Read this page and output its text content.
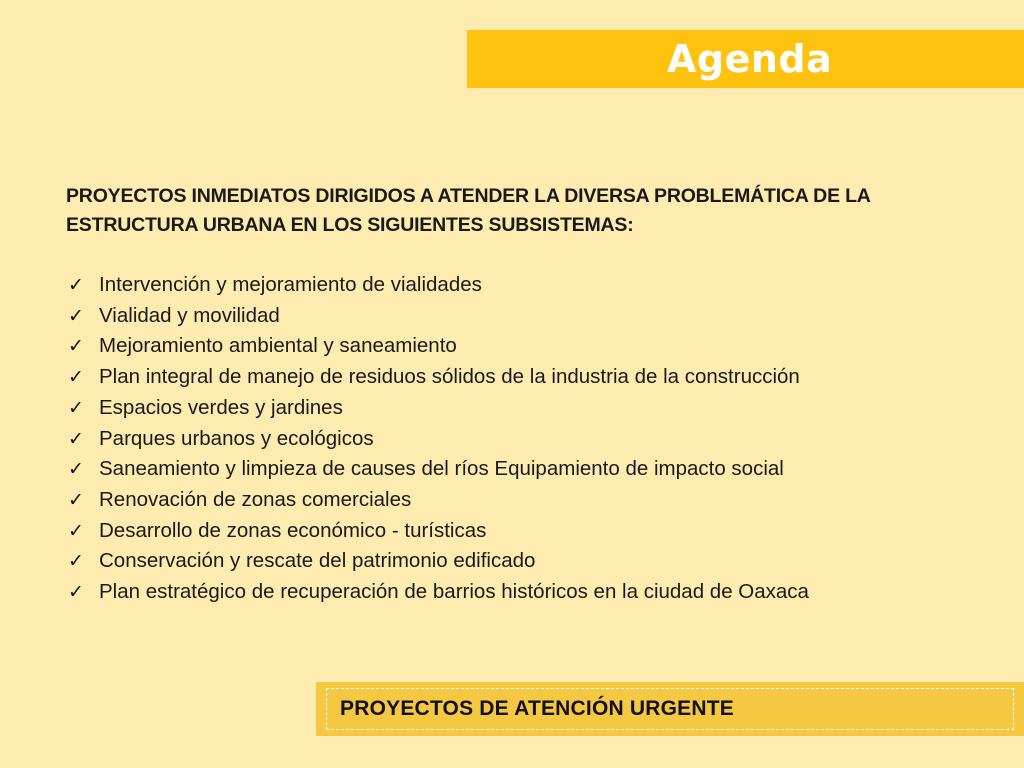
Agenda

PROYECTOS INMEDIATOS DIRIGIDOS A ATENDER LA DIVERSA PROBLEMÁTICA DE LA
ESTRUCTURA URBANA EN LOS SIGUIENTES SUBSISTEMAS:

✓ Intervención y mejoramiento de vialidades
✓ Vialidad y movilidad
✓ Mejoramiento ambiental y saneamiento
✓ Plan integral de manejo de residuos sólidos de la industria de la construcción
✓ Espacios verdes y jardines
✓ Parques urbanos y ecológicos
✓ Saneamiento y limpieza de causes del ríos Equipamiento de impacto social
✓ Renovación de zonas comerciales
✓ Desarrollo de zonas económico - turísticas
✓ Conservación y rescate del patrimonio edificado
✓ Plan estratégico de recuperación de barrios históricos en la ciudad de Oaxaca
PROYECTOS DE ATENCIÓN URGENTE
